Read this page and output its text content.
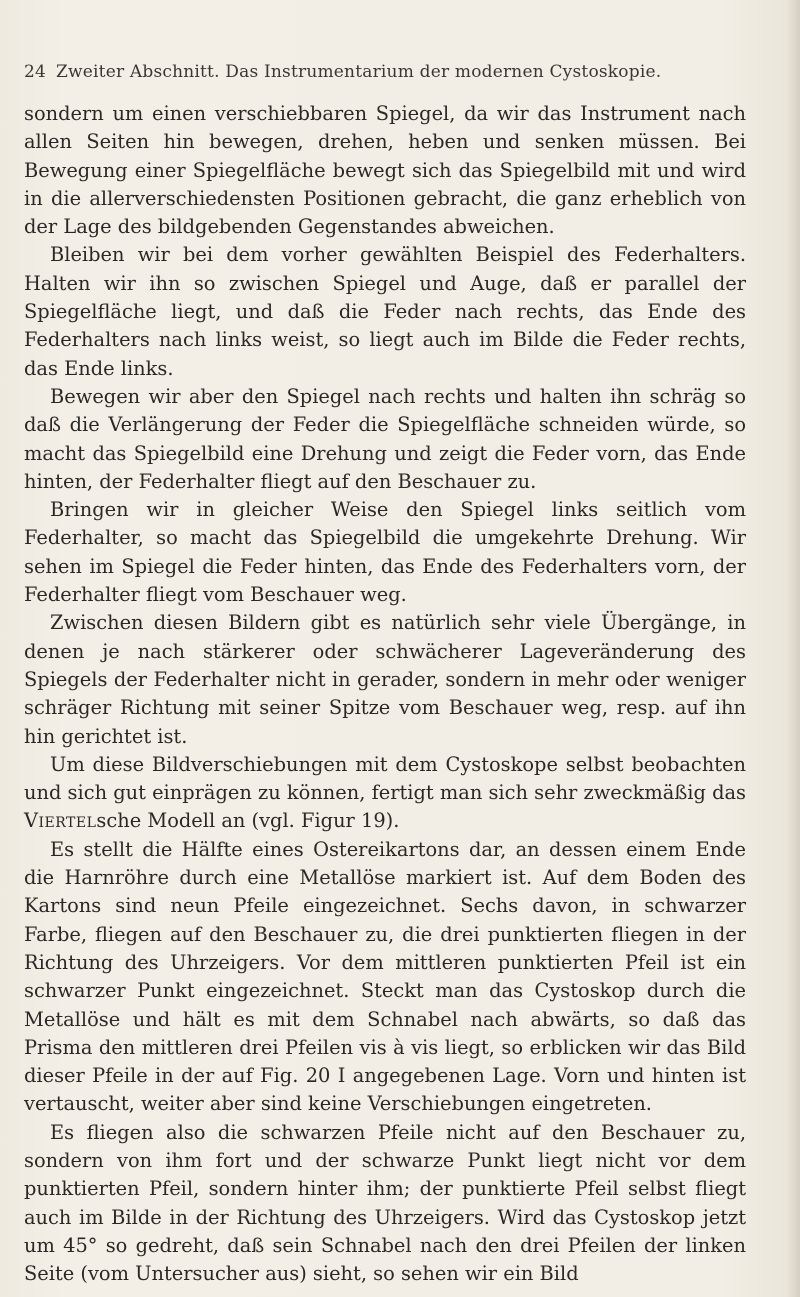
24 Zweiter Abschnitt. Das Instrumentarium der modernen Cystoskopie.

sondern um einen verschiebbaren Spiegel, da wir das Instrument nach allen Seiten hin bewegen, drehen, heben und senken müssen. Bei Bewegung einer Spiegelfläche bewegt sich das Spiegelbild mit und wird in die allerverschiedensten Positionen gebracht, die ganz erheblich von der Lage des bildgebenden Gegenstandes abweichen.

Bleiben wir bei dem vorher gewählten Beispiel des Federhalters. Halten wir ihn so zwischen Spiegel und Auge, daß er parallel der Spiegelfläche liegt, und daß die Feder nach rechts, das Ende des Federhalters nach links weist, so liegt auch im Bilde die Feder rechts, das Ende links.

Bewegen wir aber den Spiegel nach rechts und halten ihn schräg so daß die Verlängerung der Feder die Spiegelfläche schneiden würde, so macht das Spiegelbild eine Drehung und zeigt die Feder vorn, das Ende hinten, der Federhalter fliegt auf den Beschauer zu.

Bringen wir in gleicher Weise den Spiegel links seitlich vom Federhalter, so macht das Spiegelbild die umgekehrte Drehung. Wir sehen im Spiegel die Feder hinten, das Ende des Federhalters vorn, der Federhalter fliegt vom Beschauer weg.

Zwischen diesen Bildern gibt es natürlich sehr viele Übergänge, in denen je nach stärkerer oder schwächerer Lageveränderung des Spiegels der Federhalter nicht in gerader, sondern in mehr oder weniger schräger Richtung mit seiner Spitze vom Beschauer weg, resp. auf ihn hin gerichtet ist.

Um diese Bildverschiebungen mit dem Cystoskope selbst beobachten und sich gut einprägen zu können, fertigt man sich sehr zweckmäßig das Viertelsche Modell an (vgl. Figur 19).

Es stellt die Hälfte eines Ostereikartons dar, an dessen einem Ende die Harnröhre durch eine Metallöse markiert ist. Auf dem Boden des Kartons sind neun Pfeile eingezeichnet. Sechs davon, in schwarzer Farbe, fliegen auf den Beschauer zu, die drei punktierten fliegen in der Richtung des Uhrzeigers. Vor dem mittleren punktierten Pfeil ist ein schwarzer Punkt eingezeichnet. Steckt man das Cystoskop durch die Metallöse und hält es mit dem Schnabel nach abwärts, so daß das Prisma den mittleren drei Pfeilen vis à vis liegt, so erblicken wir das Bild dieser Pfeile in der auf Fig. 20 I angegebenen Lage. Vorn und hinten ist vertauscht, weiter aber sind keine Verschiebungen eingetreten.

Es fliegen also die schwarzen Pfeile nicht auf den Beschauer zu, sondern von ihm fort und der schwarze Punkt liegt nicht vor dem punktierten Pfeil, sondern hinter ihm; der punktierte Pfeil selbst fliegt auch im Bilde in der Richtung des Uhrzeigers. Wird das Cystoskop jetzt um 45° so gedreht, daß sein Schnabel nach den drei Pfeilen der linken Seite (vom Untersucher aus) sieht, so sehen wir ein Bild
